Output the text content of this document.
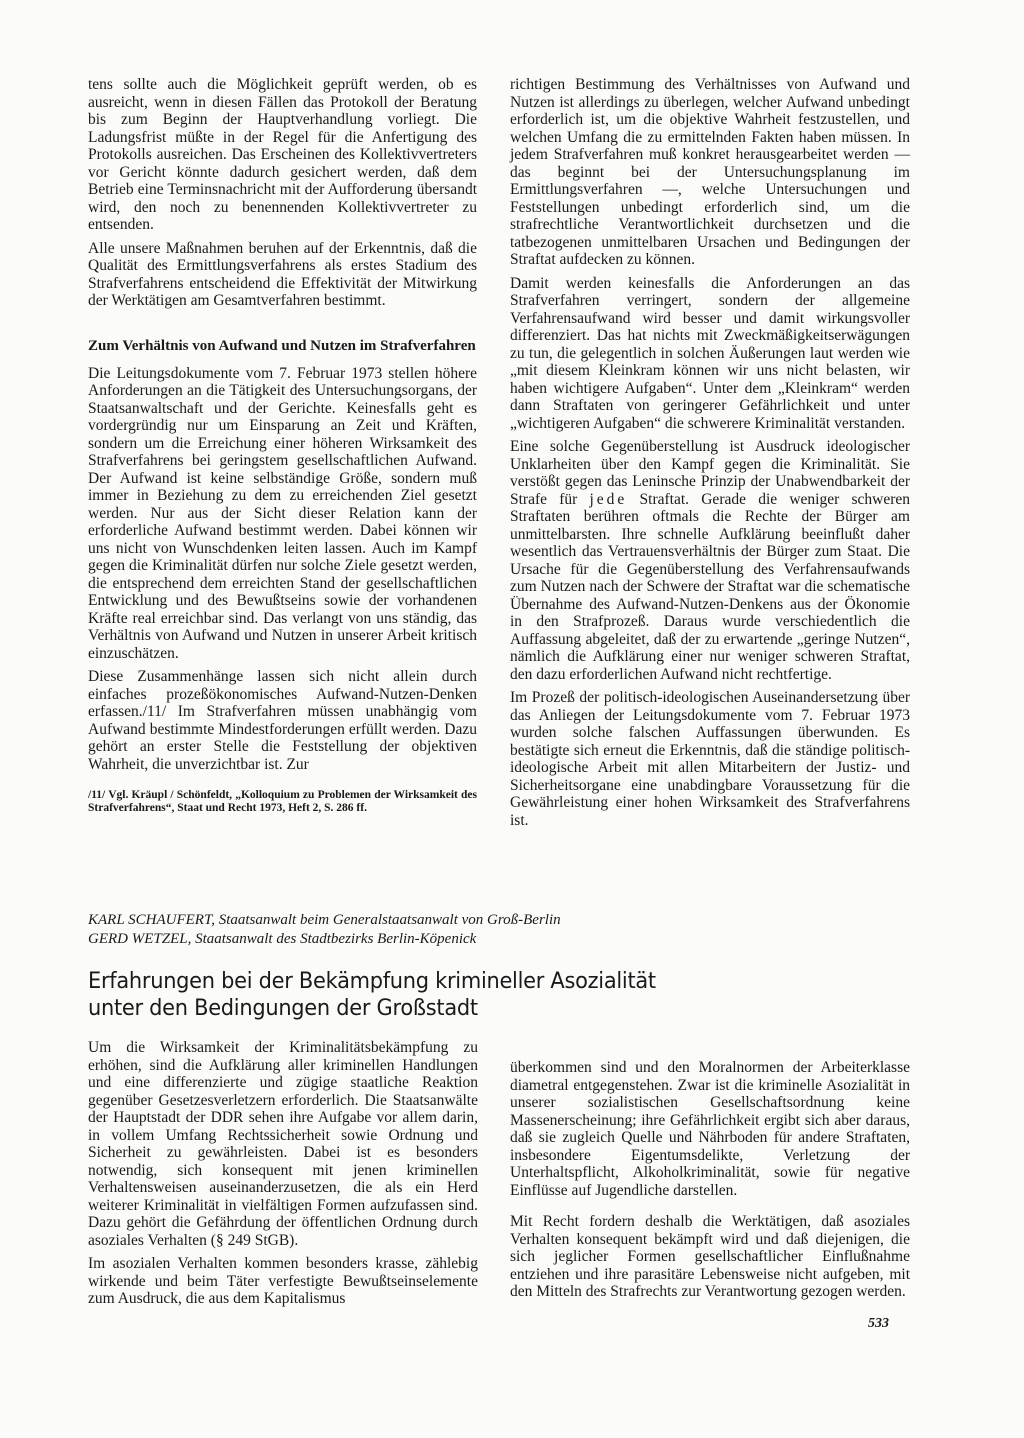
tens sollte auch die Möglichkeit geprüft werden, ob es ausreicht, wenn in diesen Fällen das Protokoll der Beratung bis zum Beginn der Hauptverhandlung vorliegt. Die Ladungsfrist müßte in der Regel für die Anfertigung des Protokolls ausreichen. Das Erscheinen des Kollektivvertreters vor Gericht könnte dadurch gesichert werden, daß dem Betrieb eine Terminsnachricht mit der Aufforderung übersandt wird, den noch zu benennenden Kollektivvertreter zu entsenden.

Alle unsere Maßnahmen beruhen auf der Erkenntnis, daß die Qualität des Ermittlungsverfahrens als erstes Stadium des Strafverfahrens entscheidend die Effektivität der Mitwirkung der Werktätigen am Gesamtverfahren bestimmt.

Zum Verhältnis von Aufwand und Nutzen im Strafverfahren

Die Leitungsdokumente vom 7. Februar 1973 stellen höhere Anforderungen an die Tätigkeit des Untersuchungsorgans, der Staatsanwaltschaft und der Gerichte. Keinesfalls geht es vordergründig nur um Einsparung an Zeit und Kräften, sondern um die Erreichung einer höheren Wirksamkeit des Strafverfahrens bei geringstem gesellschaftlichen Aufwand. Der Aufwand ist keine selbständige Größe, sondern muß immer in Beziehung zu dem zu erreichenden Ziel gesetzt werden. Nur aus der Sicht dieser Relation kann der erforderliche Aufwand bestimmt werden. Dabei können wir uns nicht von Wunschdenken leiten lassen. Auch im Kampf gegen die Kriminalität dürfen nur solche Ziele gesetzt werden, die entsprechend dem erreichten Stand der gesellschaftlichen Entwicklung und des Bewußtseins sowie der vorhandenen Kräfte real erreichbar sind. Das verlangt von uns ständig, das Verhältnis von Aufwand und Nutzen in unserer Arbeit kritisch einzuschätzen.

Diese Zusammenhänge lassen sich nicht allein durch einfaches prozeßökonomisches Aufwand-Nutzen-Denken erfassen./11/ Im Strafverfahren müssen unabhängig vom Aufwand bestimmte Mindestforderungen erfüllt werden. Dazu gehört an erster Stelle die Feststellung der objektiven Wahrheit, die unverzichtbar ist. Zur

/11/ Vgl. Kräupl / Schönfeldt, „Kolloquium zu Problemen der Wirksamkeit des Strafverfahrens“, Staat und Recht 1973, Heft 2, S. 286 ff.

richtigen Bestimmung des Verhältnisses von Aufwand und Nutzen ist allerdings zu überlegen, welcher Aufwand unbedingt erforderlich ist, um die objektive Wahrheit festzustellen, und welchen Umfang die zu ermittelnden Fakten haben müssen. In jedem Strafverfahren muß konkret herausgearbeitet werden — das beginnt bei der Untersuchungsplanung im Ermittlungsverfahren —, welche Untersuchungen und Feststellungen unbedingt erforderlich sind, um die strafrechtliche Verantwortlichkeit durchsetzen und die tatbezogenen unmittelbaren Ursachen und Bedingungen der Straftat aufdecken zu können.

Damit werden keinesfalls die Anforderungen an das Strafverfahren verringert, sondern der allgemeine Verfahrensaufwand wird besser und damit wirkungsvoller differenziert. Das hat nichts mit Zweckmäßigkeitserwägungen zu tun, die gelegentlich in solchen Äußerungen laut werden wie „mit diesem Kleinkram können wir uns nicht belasten, wir haben wichtigere Aufgaben“. Unter dem „Kleinkram“ werden dann Straftaten von geringerer Gefährlichkeit und unter „wichtigeren Aufgaben“ die schwerere Kriminalität verstanden.

Eine solche Gegenüberstellung ist Ausdruck ideologischer Unklarheiten über den Kampf gegen die Kriminalität. Sie verstößt gegen das Leninsche Prinzip der Unabwendbarkeit der Strafe für jede Straftat. Gerade die weniger schweren Straftaten berühren oftmals die Rechte der Bürger am unmittelbarsten. Ihre schnelle Aufklärung beeinflußt daher wesentlich das Vertrauensverhältnis der Bürger zum Staat. Die Ursache für die Gegenüberstellung des Verfahrensaufwands zum Nutzen nach der Schwere der Straftat war die schematische Übernahme des Aufwand-Nutzen-Denkens aus der Ökonomie in den Strafprozeß. Daraus wurde verschiedentlich die Auffassung abgeleitet, daß der zu erwartende „geringe Nutzen“, nämlich die Aufklärung einer nur weniger schweren Straftat, den dazu erforderlichen Aufwand nicht rechtfertige.

Im Prozeß der politisch-ideologischen Auseinandersetzung über das Anliegen der Leitungsdokumente vom 7. Februar 1973 wurden solche falschen Auffassungen überwunden. Es bestätigte sich erneut die Erkenntnis, daß die ständige politisch-ideologische Arbeit mit allen Mitarbeitern der Justiz- und Sicherheitsorgane eine unabdingbare Voraussetzung für die Gewährleistung einer hohen Wirksamkeit des Strafverfahrens ist.

KARL SCHAUFERT, Staatsanwalt beim Generalstaatsanwalt von Groß-Berlin
GERD WETZEL, Staatsanwalt des Stadtbezirks Berlin-Köpenick
Erfahrungen bei der Bekämpfung krimineller Asozialität
unter den Bedingungen der Großstadt

Um die Wirksamkeit der Kriminalitätsbekämpfung zu erhöhen, sind die Aufklärung aller kriminellen Handlungen und eine differenzierte und zügige staatliche Reaktion gegenüber Gesetzesverletzern erforderlich. Die Staatsanwälte der Hauptstadt der DDR sehen ihre Aufgabe vor allem darin, in vollem Umfang Rechtssicherheit sowie Ordnung und Sicherheit zu gewährleisten. Dabei ist es besonders notwendig, sich konsequent mit jenen kriminellen Verhaltensweisen auseinanderzusetzen, die als ein Herd weiterer Kriminalität in vielfältigen Formen aufzufassen sind. Dazu gehört die Gefährdung der öffentlichen Ordnung durch asoziales Verhalten (§ 249 StGB).

Im asozialen Verhalten kommen besonders krasse, zählebig wirkende und beim Täter verfestigte Bewußtseinselemente zum Ausdruck, die aus dem Kapitalismus

überkommen sind und den Moralnormen der Arbeiterklasse diametral entgegenstehen. Zwar ist die kriminelle Asozialität in unserer sozialistischen Gesellschaftsordnung keine Massenerscheinung; ihre Gefährlichkeit ergibt sich aber daraus, daß sie zugleich Quelle und Nährboden für andere Straftaten, insbesondere Eigentumsdelikte, Verletzung der Unterhaltspflicht, Alkoholkriminalität, sowie für negative Einflüsse auf Jugendliche darstellen.

Mit Recht fordern deshalb die Werktätigen, daß asoziales Verhalten konsequent bekämpft wird und daß diejenigen, die sich jeglicher Formen gesellschaftlicher Einflußnahme entziehen und ihre parasitäre Lebensweise nicht aufgeben, mit den Mitteln des Strafrechts zur Verantwortung gezogen werden.

533
